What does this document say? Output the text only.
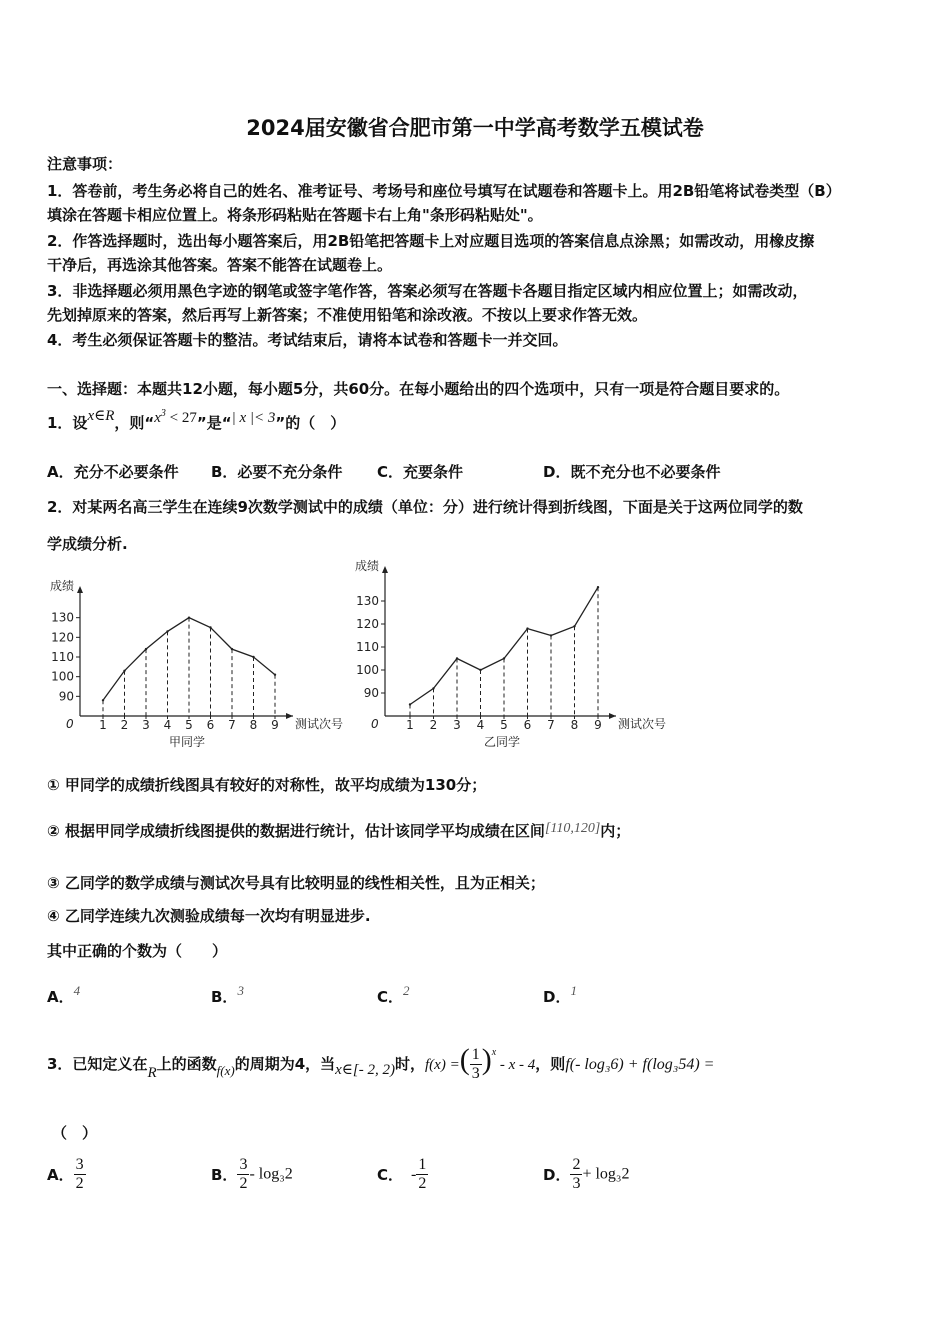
2024届安徽省合肥市第一中学高考数学五模试卷
注意事项：
1．答卷前，考生务必将自己的姓名、准考证号、考场号和座位号填写在试题卷和答题卡上。用2B铅笔将试卷类型（B）
填涂在答题卡相应位置上。将条形码粘贴在答题卡右上角"条形码粘贴处"。
2．作答选择题时，选出每小题答案后，用2B铅笔把答题卡上对应题目选项的答案信息点涂黑；如需改动，用橡皮擦
干净后，再选涂其他答案。答案不能答在试题卷上。
3．非选择题必须用黑色字迹的钢笔或签字笔作答，答案必须写在答题卡各题目指定区域内相应位置上；如需改动，
先划掉原来的答案，然后再写上新答案；不准使用铅笔和涂改液。不按以上要求作答无效。
4．考生必须保证答题卡的整洁。考试结束后，请将本试卷和答题卡一并交回。
一、选择题：本题共12小题，每小题5分，共60分。在每小题给出的四个选项中，只有一项是符合题目要求的。
1．设x∈R，则“$x^3 < 27$”是“| x |< 3”的（　）
A．充分不必要条件 B．必要不充分条件 C．充要条件	D．既不充分也不必要条件
2．对某两名高三学生在连续9次数学测试中的成绩（单位：分）进行统计得到折线图，下面是关于这两位同学的数
学成绩分析.
成绩
测试次号
0
甲同学
90
100
110
120
130
1 2 3 4 5 6 7 8 9
成绩
测试次号
0
乙同学
90
100
110
120
130
1 2 3 4 5 6 7 8 9
① 甲同学的成绩折线图具有较好的对称性，故平均成绩为130分；
② 根据甲同学成绩折线图提供的数据进行统计，估计该同学平均成绩在区间[110,120]内；
③ 乙同学的数学成绩与测试次号具有比较明显的线性相关性，且为正相关；
④ 乙同学连续九次测验成绩每一次均有明显进步.
其中正确的个数为（　　）
A．4	B．3	C．2	D．1
3．已知定义在R上的函数f(x)的周期为4，当x∈[- 2, 2)时，f(x) =( $\frac{1}{3} )^x$ - x - 4，则f(- log₃6) + f(log₃54) =
（　）
A． $\frac{3}{2}$	B． $\frac{3}{2} - \log_32$	C． - $\frac{1}{2}$	D． $\frac{2}{3} + \log_32$
